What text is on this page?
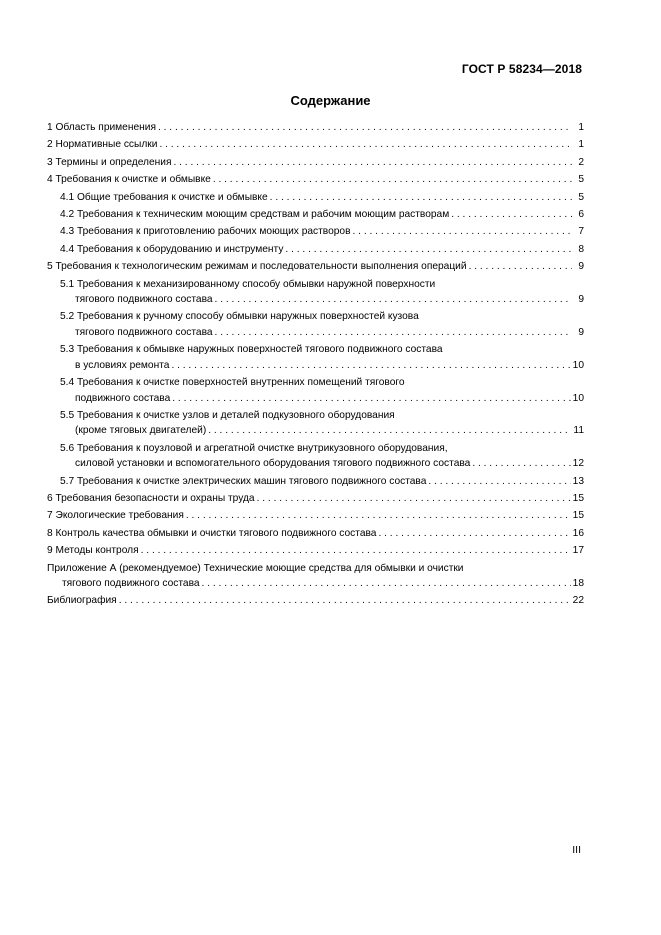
ГОСТ Р 58234—2018
Содержание
1 Область применения . . .	1
2 Нормативные ссылки . . .	1
3 Термины и определения . . .	2
4 Требования к очистке и обмывке . . .	5
4.1 Общие требования к очистке и обмывке . . .	5
4.2 Требования к техническим моющим средствам и рабочим моющим растворам . . .	6
4.3 Требования к приготовлению рабочих моющих растворов . . .	7
4.4 Требования к оборудованию и инструменту . . .	8
5 Требования к технологическим режимам и последовательности выполнения операций . . .	9
5.1 Требования к механизированному способу обмывки наружной поверхности
тягового подвижного состава . . .	9
5.2 Требования к ручному способу обмывки наружных поверхностей кузова
тягового подвижного состава . . .	9
5.3 Требования к обмывке наружных поверхностей тягового подвижного состава
в условиях ремонта . . .	10
5.4 Требования к очистке поверхностей внутренних помещений тягового
подвижного состава . . .	10
5.5 Требования к очистке узлов и деталей подкузовного оборудования
(кроме тяговых двигателей) . . .	11
5.6 Требования к поузловой и агрегатной очистке внутрикузовного оборудования,
силовой установки и вспомогательного оборудования тягового подвижного состава . . .	12
5.7 Требования к очистке электрических машин тягового подвижного состава . . .	13
6 Требования безопасности и охраны труда . . .	15
7 Экологические требования . . .	15
8 Контроль качества обмывки и очистки тягового подвижного состава . . .	16
9 Методы контроля . . .	17
Приложение А (рекомендуемое) Технические моющие средства для обмывки и очистки
тягового подвижного состава . . .	18
Библиография . . .	22
III
